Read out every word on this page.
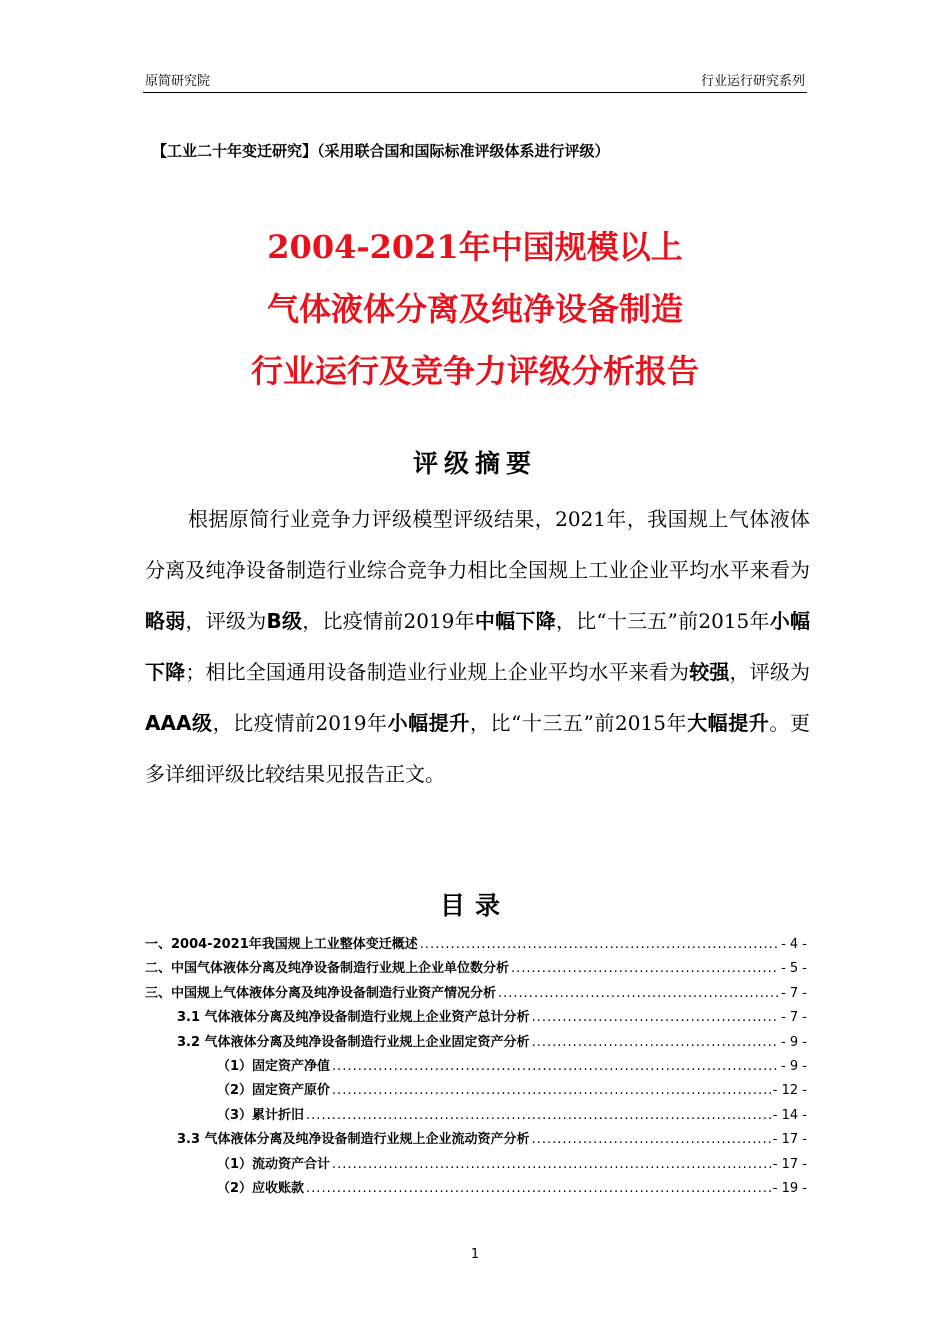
原简研究院	行业运行研究系列
【工业二十年变迁研究】（采用联合国和国际标准评级体系进行评级）
2004-2021年中国规模以上
气体液体分离及纯净设备制造
行业运行及竞争力评级分析报告
评级摘要
根据原简行业竞争力评级模型评级结果，2021年，我国规上气体液体分离及纯净设备制造行业综合竞争力相比全国规上工业企业平均水平来看为略弱，评级为B级，比疫情前2019年中幅下降，比“十三五”前2015年小幅下降；相比全国通用设备制造业行业规上企业平均水平来看为较强，评级为AAA级，比疫情前2019年小幅提升，比“十三五”前2015年大幅提升。更多详细评级比较结果见报告正文。
目录
一、2004-2021年我国规上工业整体变迁概述 .....	- 4 -
二、中国气体液体分离及纯净设备制造行业规上企业单位数分析 .....	- 5 -
三、中国规上气体液体分离及纯净设备制造行业资产情况分析 .....	- 7 -
3.1 气体液体分离及纯净设备制造行业规上企业资产总计分析 .....	- 7 -
3.2 气体液体分离及纯净设备制造行业规上企业固定资产分析 .....	- 9 -
（1）固定资产净值 .....	- 9 -
（2）固定资产原价 .....	- 12 -
（3）累计折旧 .....	- 14 -
3.3 气体液体分离及纯净设备制造行业规上企业流动资产分析 .....	- 17 -
（1）流动资产合计 .....	- 17 -
（2）应收账款 .....	- 19 -
1
